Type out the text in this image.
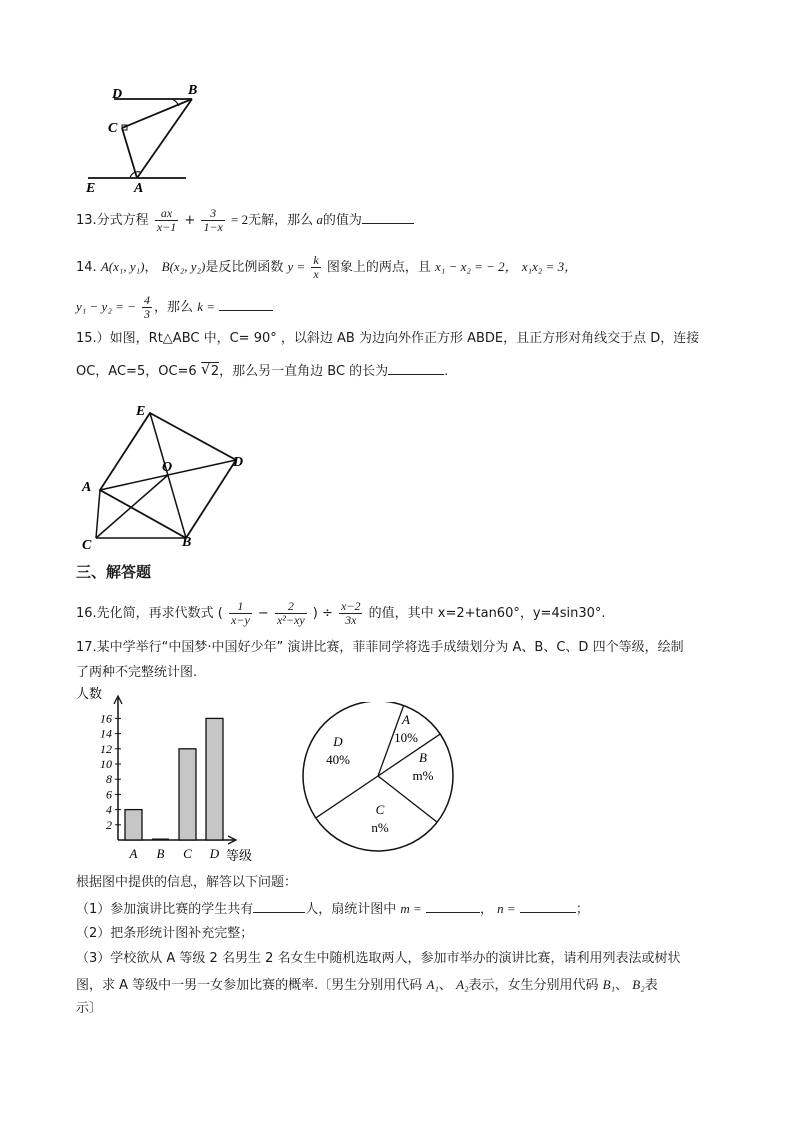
D	B
C
E	A
13.分式方程 $\frac{ax}{x-1} + \frac{3}{1-x} = 2$无解，那么 a的值为
14. A(x₁, y₁)， B(x₂, y₂)是反比例函数 $y = \frac{k}{x}$ 图象上的两点，且 x₁ − x₂ = − 2， x₁x₂ = 3，
y₁ − y₂ = − $\frac{4}{3}$ ，那么 k =
15.）如图，Rt△ABC 中，C= 90° ，以斜边 AB 为边向外作正方形 ABDE，且正方形对角线交于点 D，连接
OC，AC=5，OC=6 √ 2，那么另一直角边 BC 的长为	.
E
O	D
A
C	B
三、解答题
16.先化简，再求代数式 ( $\frac{1}{x-y} - \frac{2}{\text{x²−xy}}$ ) ÷ $\frac{x-2}{3x}$ 的值，其中 x=2+tan60°，y=4sin30°.
17.某中学举行“中国梦·中国好少年” 演讲比赛，菲菲同学将选手成绩划分为 A、B、C、D 四个等级，绘制
了两种不完整统计图.
人数
等级
2
4
6
8
10
12
14
16
A B C D
A
10%
B
m%
C
n%
D
40%
根据图中提供的信息，解答以下问题：
（1）参加演讲比赛的学生共有	人，扇统计图中 m =	， n =	；
（2）把条形统计图补充完整；
（3）学校欲从 A 等级 2 名男生 2 名女生中随机选取两人，参加市举办的演讲比赛，请利用列表法或树状
图，求 A 等级中一男一女参加比赛的概率.〔男生分别用代码 A₁、 A₂表示，女生分别用代码 B₁、 B₂表
示〕
